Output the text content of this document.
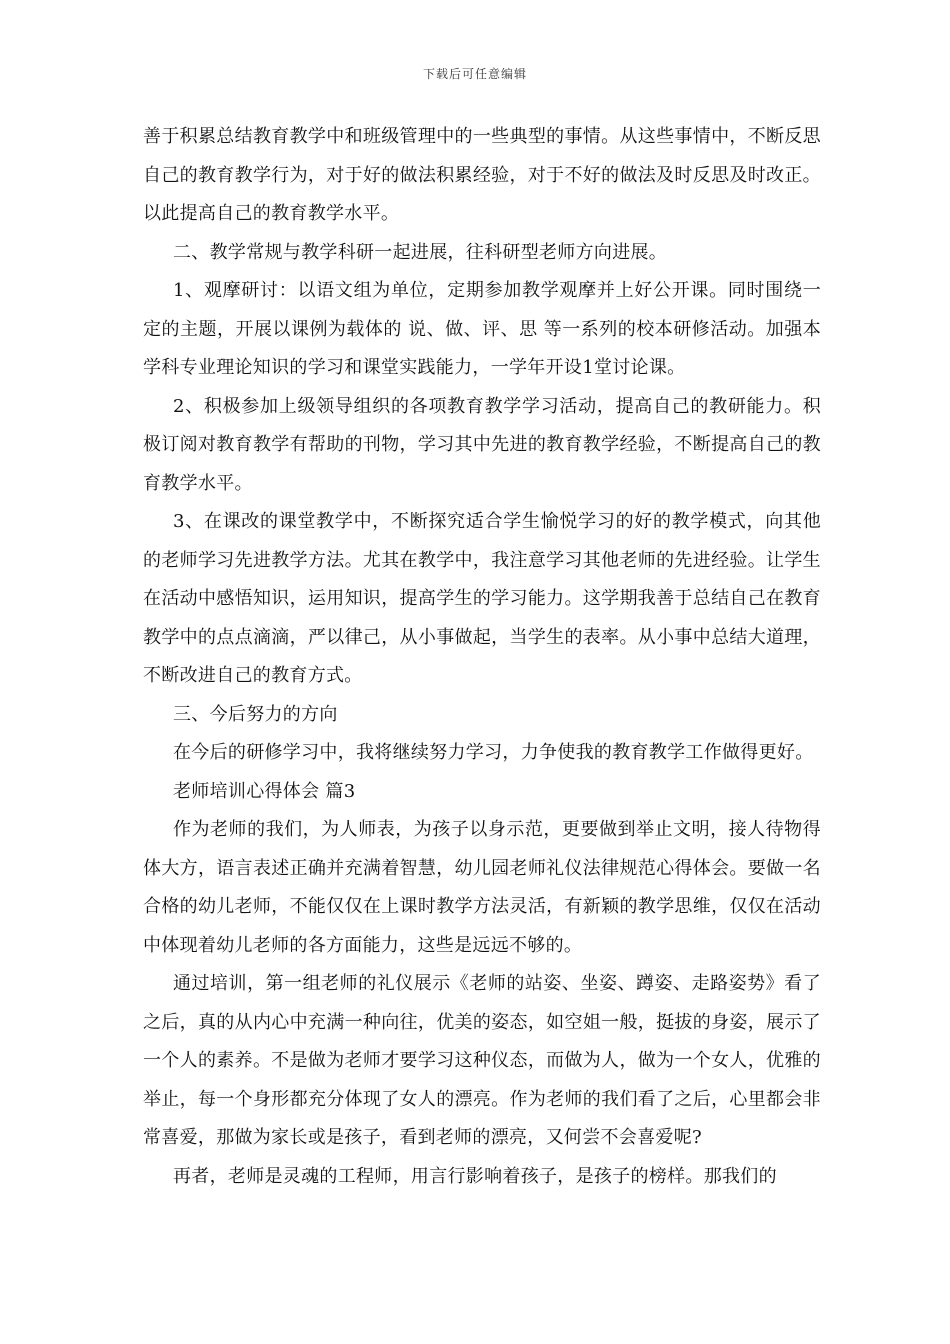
下载后可任意编辑

善于积累总结教育教学中和班级管理中的一些典型的事情。从这些事情中，不断反思自己的教育教学行为，对于好的做法积累经验，对于不好的做法及时反思及时改正。以此提高自己的教育教学水平。

二、教学常规与教学科研一起进展，往科研型老师方向进展。

1、观摩研讨：以语文组为单位，定期参加教学观摩并上好公开课。同时围绕一定的主题，开展以课例为载体的 说、做、评、思 等一系列的校本研修活动。加强本学科专业理论知识的学习和课堂实践能力，一学年开设1堂讨论课。

2、积极参加上级领导组织的各项教育教学学习活动，提高自己的教研能力。积极订阅对教育教学有帮助的刊物，学习其中先进的教育教学经验，不断提高自己的教育教学水平。

3、在课改的课堂教学中，不断探究适合学生愉悦学习的好的教学模式，向其他的老师学习先进教学方法。尤其在教学中，我注意学习其他老师的先进经验。让学生在活动中感悟知识，运用知识，提高学生的学习能力。这学期我善于总结自己在教育教学中的点点滴滴，严以律己，从小事做起，当学生的表率。从小事中总结大道理，不断改进自己的教育方式。

三、今后努力的方向

在今后的研修学习中，我将继续努力学习，力争使我的教育教学工作做得更好。

老师培训心得体会 篇3

作为老师的我们，为人师表，为孩子以身示范，更要做到举止文明，接人待物得体大方，语言表述正确并充满着智慧，幼儿园老师礼仪法律规范心得体会。要做一名合格的幼儿老师，不能仅仅在上课时教学方法灵活，有新颖的教学思维，仅仅在活动中体现着幼儿老师的各方面能力，这些是远远不够的。

通过培训，第一组老师的礼仪展示《老师的站姿、坐姿、蹲姿、走路姿势》看了之后，真的从内心中充满一种向往，优美的姿态，如空姐一般，挺拔的身姿，展示了一个人的素养。不是做为老师才要学习这种仪态，而做为人，做为一个女人，优雅的举止，每一个身形都充分体现了女人的漂亮。作为老师的我们看了之后，心里都会非常喜爱，那做为家长或是孩子，看到老师的漂亮，又何尝不会喜爱呢?

再者，老师是灵魂的工程师，用言行影响着孩子，是孩子的榜样。那我们的
